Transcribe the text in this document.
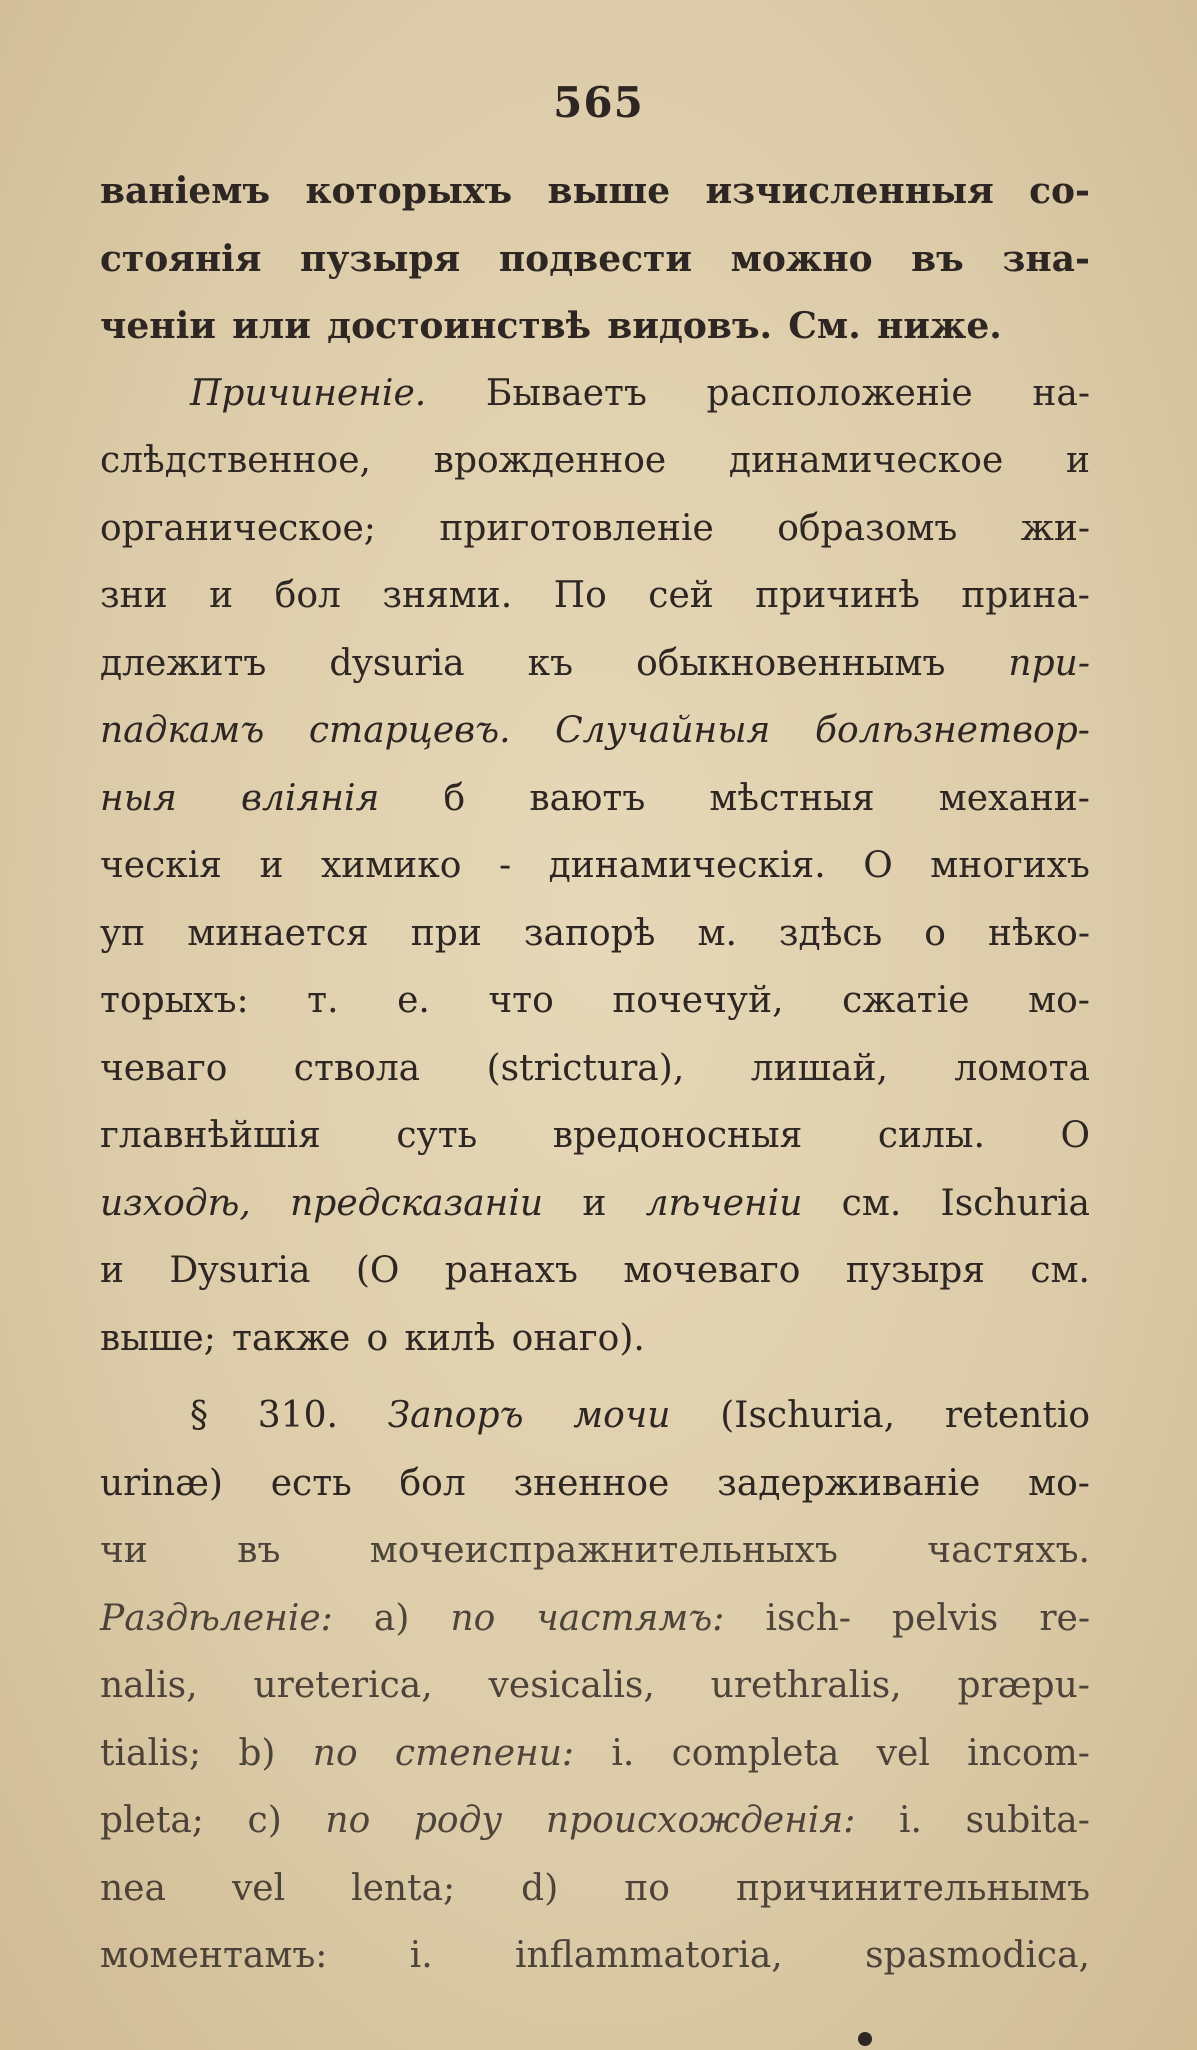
565
ваніемъ которыхъ выше изчисленныя со-
стоянія пузыря подвести можно въ зна-
ченіи или достоинствѣ видовъ. См. ниже.
Причиненіе. Бываетъ расположеніе на-
слѣдственное, врожденное динамическое и
органическое; приготовленіе образомъ жи-
зни и бол знями. По сей причинѣ прина-
длежитъ dysuria къ обыкновеннымъ при-
падкамъ старцевъ. Случайныя болѣзнетвор-
ныя вліянія б ваютъ мѣстныя механи-
ческія и химико - динамическія. О многихъ
уп минается при запорѣ м. здѣсь о нѣко-
торыхъ: т. е. что почечуй, сжатіе мо-
чеваго ствола (strictura), лишай, ломота
главнѣйшія суть вредоносныя силы. О
изходѣ, предсказаніи и лѣченіи см. Ischuria
и Dysuria (О ранахъ мочеваго пузыря см.
выше; также о килѣ онаго).
§ 310. Запоръ мочи (Ischuria, retentio
urinæ) есть бол зненное задерживаніе мо-
чи въ мочеиспражнительныхъ частяхъ.
Раздѣленіе: a) по частямъ: isch- pelvis re-
nalis, ureterica, vesicalis, urethralis, præpu-
tialis; b) по степени: i. completa vel incom-
pleta; c) по роду происхожденія: i. subita-
nea vel lenta; d) по причинительнымъ
моментамъ: i. inflammatoria, spasmodica,
